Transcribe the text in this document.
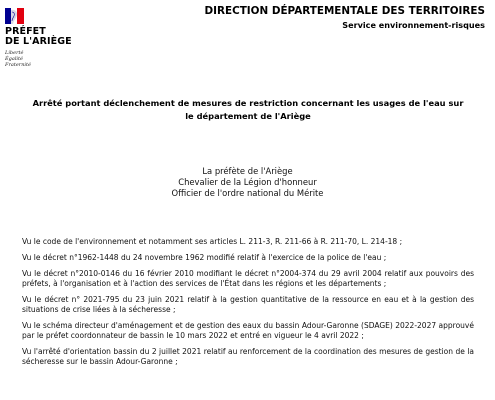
PRÉFET
DE L'ARIÈGE
Liberté
Égalité
Fraternité
DIRECTION DÉPARTEMENTALE DES TERRITOIRES
Service environnement-risques
Arrêté portant déclenchement de mesures de restriction concernant les usages de l'eau sur
le département de l'Ariège
La préfète de l'Ariège
Chevalier de la Légion d'honneur
Officier de l'ordre national du Mérite

Vu le code de l'environnement et notamment ses articles L. 211-3, R. 211-66 à R. 211-70, L. 214-18 ;

Vu le décret n°1962-1448 du 24 novembre 1962 modifié relatif à l'exercice de la police de l'eau ;

Vu le décret n°2010-0146 du 16 février 2010 modifiant le décret n°2004-374 du 29 avril 2004 relatif aux pouvoirs des préfets, à l'organisation et à l'action des services de l'État dans les régions et les départements ;

Vu le décret n° 2021-795 du 23 juin 2021 relatif à la gestion quantitative de la ressource en eau et à la gestion des situations de crise liées à la sécheresse ;

Vu le schéma directeur d'aménagement et de gestion des eaux du bassin Adour-Garonne (SDAGE) 2022-2027 approuvé par le préfet coordonnateur de bassin le 10 mars 2022 et entré en vigueur le 4 avril 2022 ;

Vu l'arrêté d'orientation bassin du 2 juillet 2021 relatif au renforcement de la coordination des mesures de gestion de la sécheresse sur le bassin Adour-Garonne ;
